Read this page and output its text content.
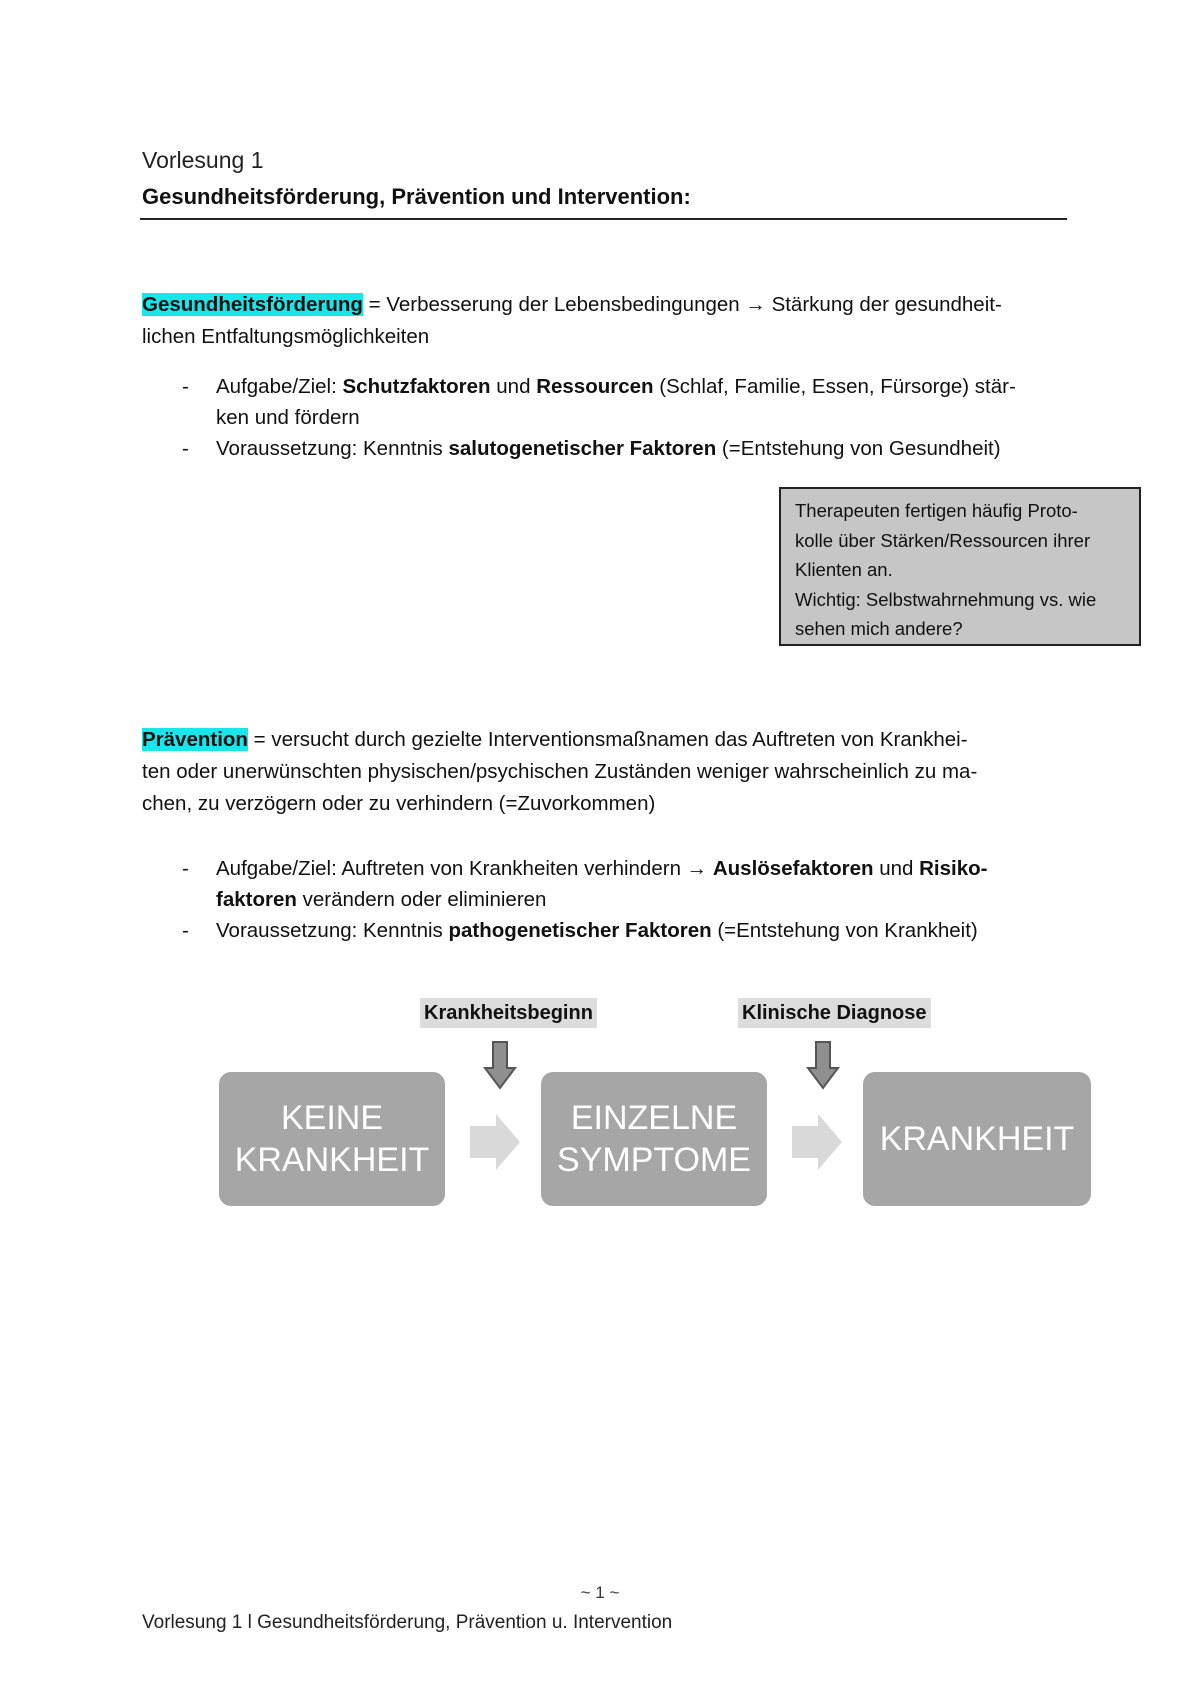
Vorlesung 1
Gesundheitsförderung, Prävention und Intervention:
Gesundheitsförderung = Verbesserung der Lebensbedingungen → Stärkung der gesundheit-
lichen Entfaltungsmöglichkeiten
- Aufgabe/Ziel: Schutzfaktoren und Ressourcen (Schlaf, Familie, Essen, Fürsorge) stär-
ken und fördern
- Voraussetzung: Kenntnis salutogenetischer Faktoren (=Entstehung von Gesundheit)
Therapeuten fertigen häufig Proto-
kolle über Stärken/Ressourcen ihrer
Klienten an.
Wichtig: Selbstwahrnehmung vs. wie
sehen mich andere?
Prävention = versucht durch gezielte Interventionsmaßnamen das Auftreten von Krankhei-
ten oder unerwünschten physischen/psychischen Zuständen weniger wahrscheinlich zu ma-
chen, zu verzögern oder zu verhindern (=Zuvorkommen)
- Aufgabe/Ziel: Auftreten von Krankheiten verhindern → Auslösefaktoren und Risiko-
faktoren verändern oder eliminieren
- Voraussetzung: Kenntnis pathogenetischer Faktoren (=Entstehung von Krankheit)
Krankheitsbeginn	Klinische Diagnose
KEINE
KRANKHEIT
EINZELNE
SYMPTOME
KRANKHEIT
~ 1 ~
Vorlesung 1 l Gesundheitsförderung, Prävention u. Intervention
